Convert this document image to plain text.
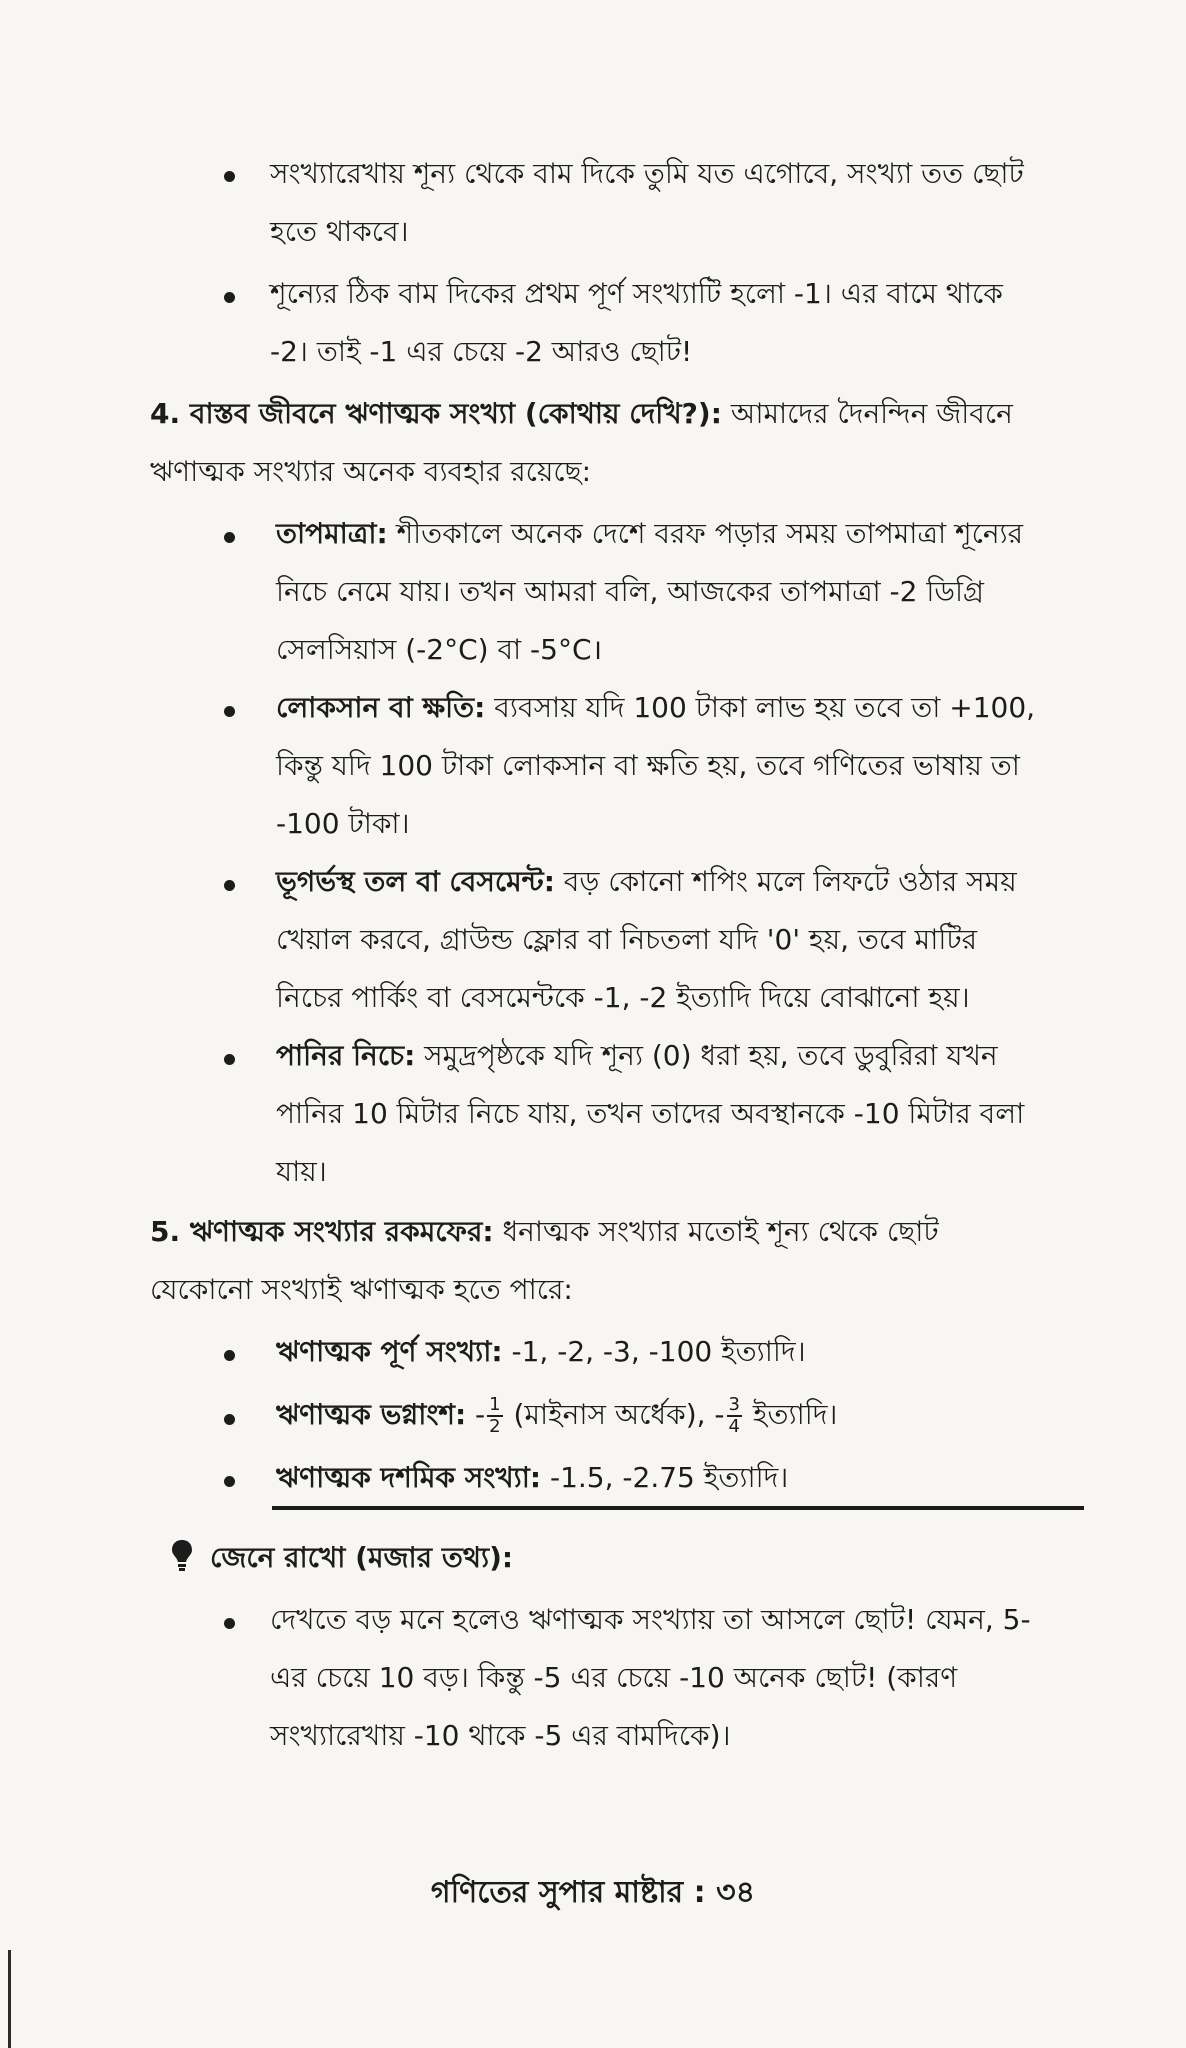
সংখ্যারেখায় শূন্য থেকে বাম দিকে তুমি যত এগোবে, সংখ্যা তত ছোট
হতে থাকবে।
শূন্যের ঠিক বাম দিকের প্রথম পূর্ণ সংখ্যাটি হলো -1। এর বামে থাকে
-2। তাই -1 এর চেয়ে -2 আরও ছোট!
4. বাস্তব জীবনে ঋণাত্মক সংখ্যা (কোথায় দেখি?): আমাদের দৈনন্দিন জীবনে
ঋণাত্মক সংখ্যার অনেক ব্যবহার রয়েছে:
তাপমাত্রা: শীতকালে অনেক দেশে বরফ পড়ার সময় তাপমাত্রা শূন্যের
নিচে নেমে যায়। তখন আমরা বলি, আজকের তাপমাত্রা -2 ডিগ্রি
সেলসিয়াস (-2°C) বা -5°C।
লোকসান বা ক্ষতি: ব্যবসায় যদি 100 টাকা লাভ হয় তবে তা +100,
কিন্তু যদি 100 টাকা লোকসান বা ক্ষতি হয়, তবে গণিতের ভাষায় তা
-100 টাকা।
ভূগর্ভস্থ তল বা বেসমেন্ট: বড় কোনো শপিং মলে লিফটে ওঠার সময়
খেয়াল করবে, গ্রাউন্ড ফ্লোর বা নিচতলা যদি '0' হয়, তবে মাটির
নিচের পার্কিং বা বেসমেন্টকে -1, -2 ইত্যাদি দিয়ে বোঝানো হয়।
পানির নিচে: সমুদ্রপৃষ্ঠকে যদি শূন্য (0) ধরা হয়, তবে ডুবুরিরা যখন
পানির 10 মিটার নিচে যায়, তখন তাদের অবস্থানকে -10 মিটার বলা
যায়।
5. ঋণাত্মক সংখ্যার রকমফের: ধনাত্মক সংখ্যার মতোই শূন্য থেকে ছোট
যেকোনো সংখ্যাই ঋণাত্মক হতে পারে:
ঋণাত্মক পূর্ণ সংখ্যা: -1, -2, -3, -100 ইত্যাদি।
ঋণাত্মক ভগ্নাংশ: - $\frac{1}{2}$ (মাইনাস অর্ধেক), - $\frac{3}{4}$ ইত্যাদি।
ঋণাত্মক দশমিক সংখ্যা: -1.5, -2.75 ইত্যাদি।
জেনে রাখো (মজার তথ্য):
দেখতে বড় মনে হলেও ঋণাত্মক সংখ্যায় তা আসলে ছোট! যেমন, 5-
এর চেয়ে 10 বড়। কিন্তু -5 এর চেয়ে -10 অনেক ছোট! (কারণ
সংখ্যারেখায় -10 থাকে -5 এর বামদিকে)।
গণিতের সুপার মাষ্টার : ৩৪
